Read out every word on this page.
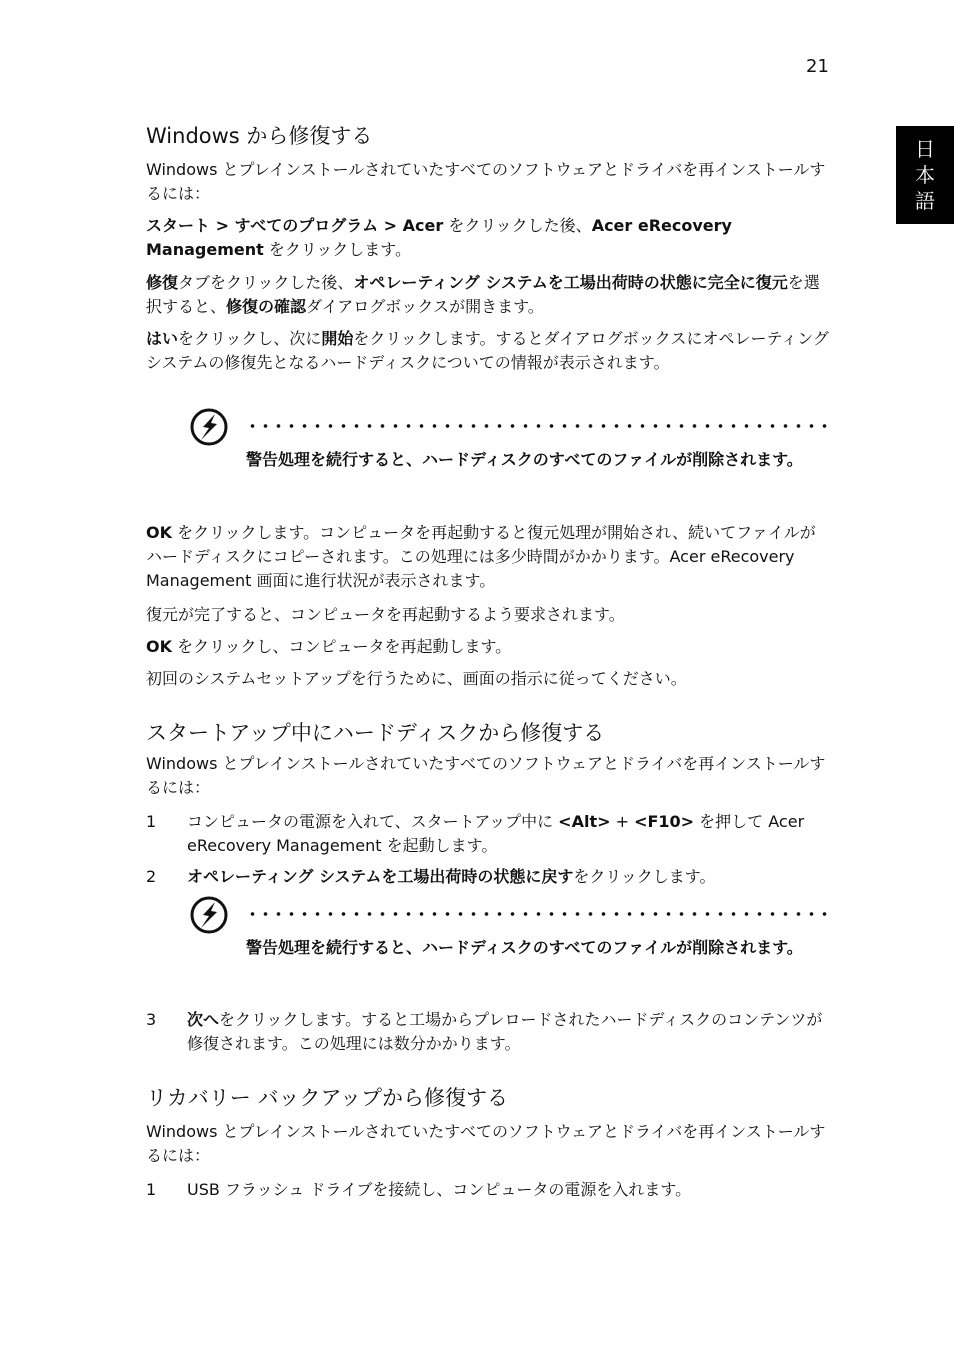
21
日
本
語
Windows から修復する

Windows とプレインストールされていたすべてのソフトウェアとドライバを再インストールするには：

スタート > すべてのプログラム > Acer をクリックした後、Acer eRecovery Management をクリックします。

修復タブをクリックした後、オペレーティング システムを工場出荷時の状態に完全に復元を選択すると、修復の確認ダイアログボックスが開きます。

はいをクリックし、次に開始をクリックします。するとダイアログボックスにオペレーティングシステムの修復先となるハードディスクについての情報が表示されます。

警告処理を続行すると、ハードディスクのすべてのファイルが削除されます。

OK をクリックします。コンピュータを再起動すると復元処理が開始され、続いてファイルがハードディスクにコピーされます。この処理には多少時間がかかります。Acer eRecovery Management 画面に進行状況が表示されます。

復元が完了すると、コンピュータを再起動するよう要求されます。

OK をクリックし、コンピュータを再起動します。

初回のシステムセットアップを行うために、画面の指示に従ってください。

スタートアップ中にハードディスクから修復する

Windows とプレインストールされていたすべてのソフトウェアとドライバを再インストールするには：

1 コンピュータの電源を入れて、スタートアップ中に <Alt> + <F10> を押して Acer eRecovery Management を起動します。
2 オペレーティング システムを工場出荷時の状態に戻すをクリックします。
警告処理を続行すると、ハードディスクのすべてのファイルが削除されます。
3 次へをクリックします。すると工場からプレロードされたハードディスクのコンテンツが修復されます。この処理には数分かかります。
リカバリー バックアップから修復する

Windows とプレインストールされていたすべてのソフトウェアとドライバを再インストールするには：

1 USB フラッシュ ドライブを接続し、コンピュータの電源を入れます。
